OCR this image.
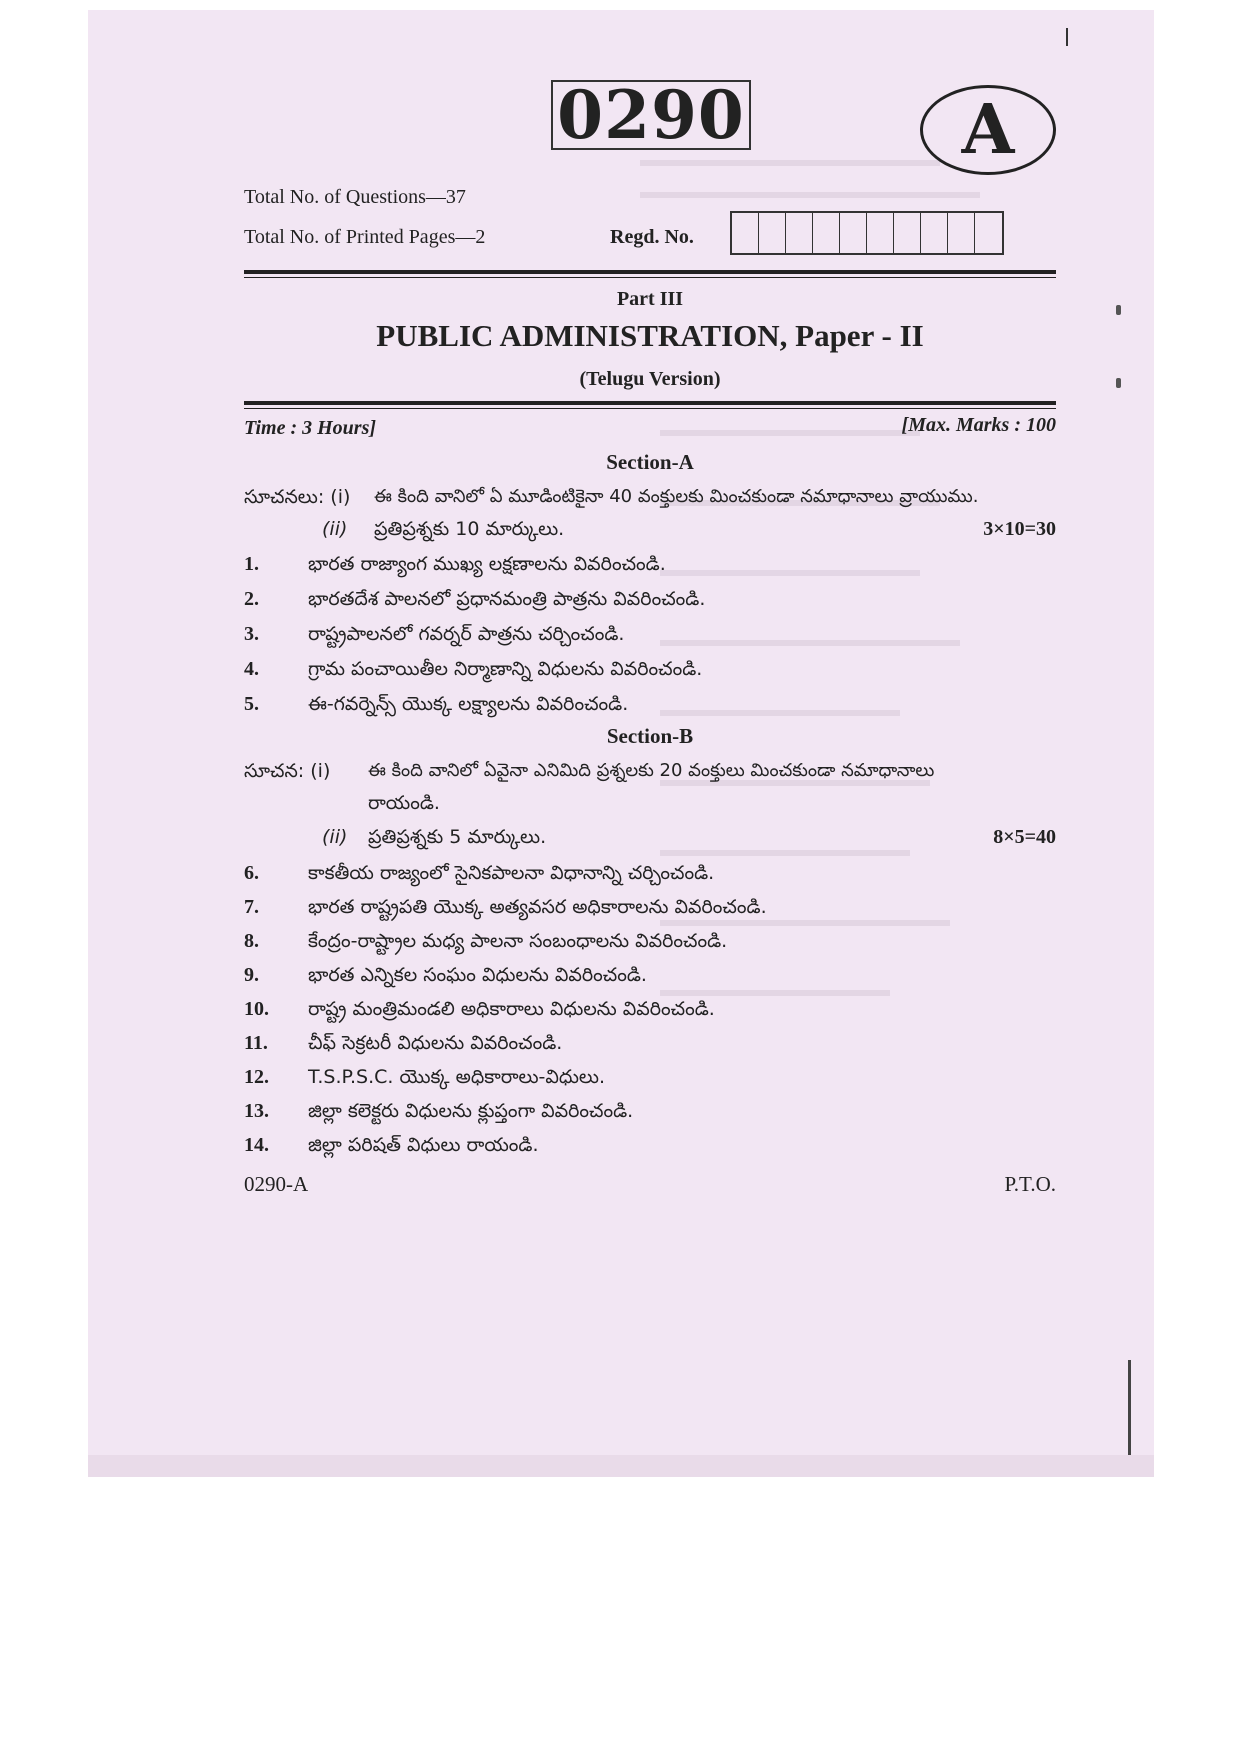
0290	A
Total No. of Questions—37
Total No. of Printed Pages—2	Regd. No.
Part III
PUBLIC ADMINISTRATION, Paper - II
(Telugu Version)
Time : 3 Hours]	[Max. Marks : 100
Section-A
సూచనలు: (i) ఈ కింది వానిలో ఏ మూడింటికైనా 40 వంక్తులకు మించకుండా నమాధానాలు వ్రాయుము.
(ii) ప్రతిప్రశ్నకు 10 మార్కులు.	3×10=30
1.	భారత రాజ్యాంగ ముఖ్య లక్షణాలను వివరించండి.
2.	భారతదేశ పాలనలో ప్రధానమంత్రి పాత్రను వివరించండి.
3.	రాష్ట్రపాలనలో గవర్నర్ పాత్రను చర్చించండి.
4.	గ్రామ పంచాయితీల నిర్మాణాన్ని విధులను వివరించండి.
5.	ఈ-గవర్నెన్స్ యొక్క లక్ష్యాలను వివరించండి.
Section-B
సూచన: (i) ఈ కింది వానిలో ఏవైనా ఎనిమిది ప్రశ్నలకు 20 వంక్తులు మించకుండా నమాధానాలు
రాయండి.
(ii) ప్రతిప్రశ్నకు 5 మార్కులు.	8×5=40
6.	కాకతీయ రాజ్యంలో సైనికపాలనా విధానాన్ని చర్చించండి.
7.	భారత రాష్ట్రపతి యొక్క అత్యవసర అధికారాలను వివరించండి.
8.	కేంద్రం-రాష్ట్రాల మధ్య పాలనా సంబంధాలను వివరించండి.
9.	భారత ఎన్నికల సంఘం విధులను వివరించండి.
10. రాష్ట్ర మంత్రిమండలి అధికారాలు విధులను వివరించండి.
11. చీఫ్ సెక్రటరీ విధులను వివరించండి.
12. T.S.P.S.C. యొక్క అధికారాలు-విధులు.
13. జిల్లా కలెక్టరు విధులను క్లుప్తంగా వివరించండి.
14. జిల్లా పరిషత్ విధులు రాయండి.
0290-A	P.T.O.
